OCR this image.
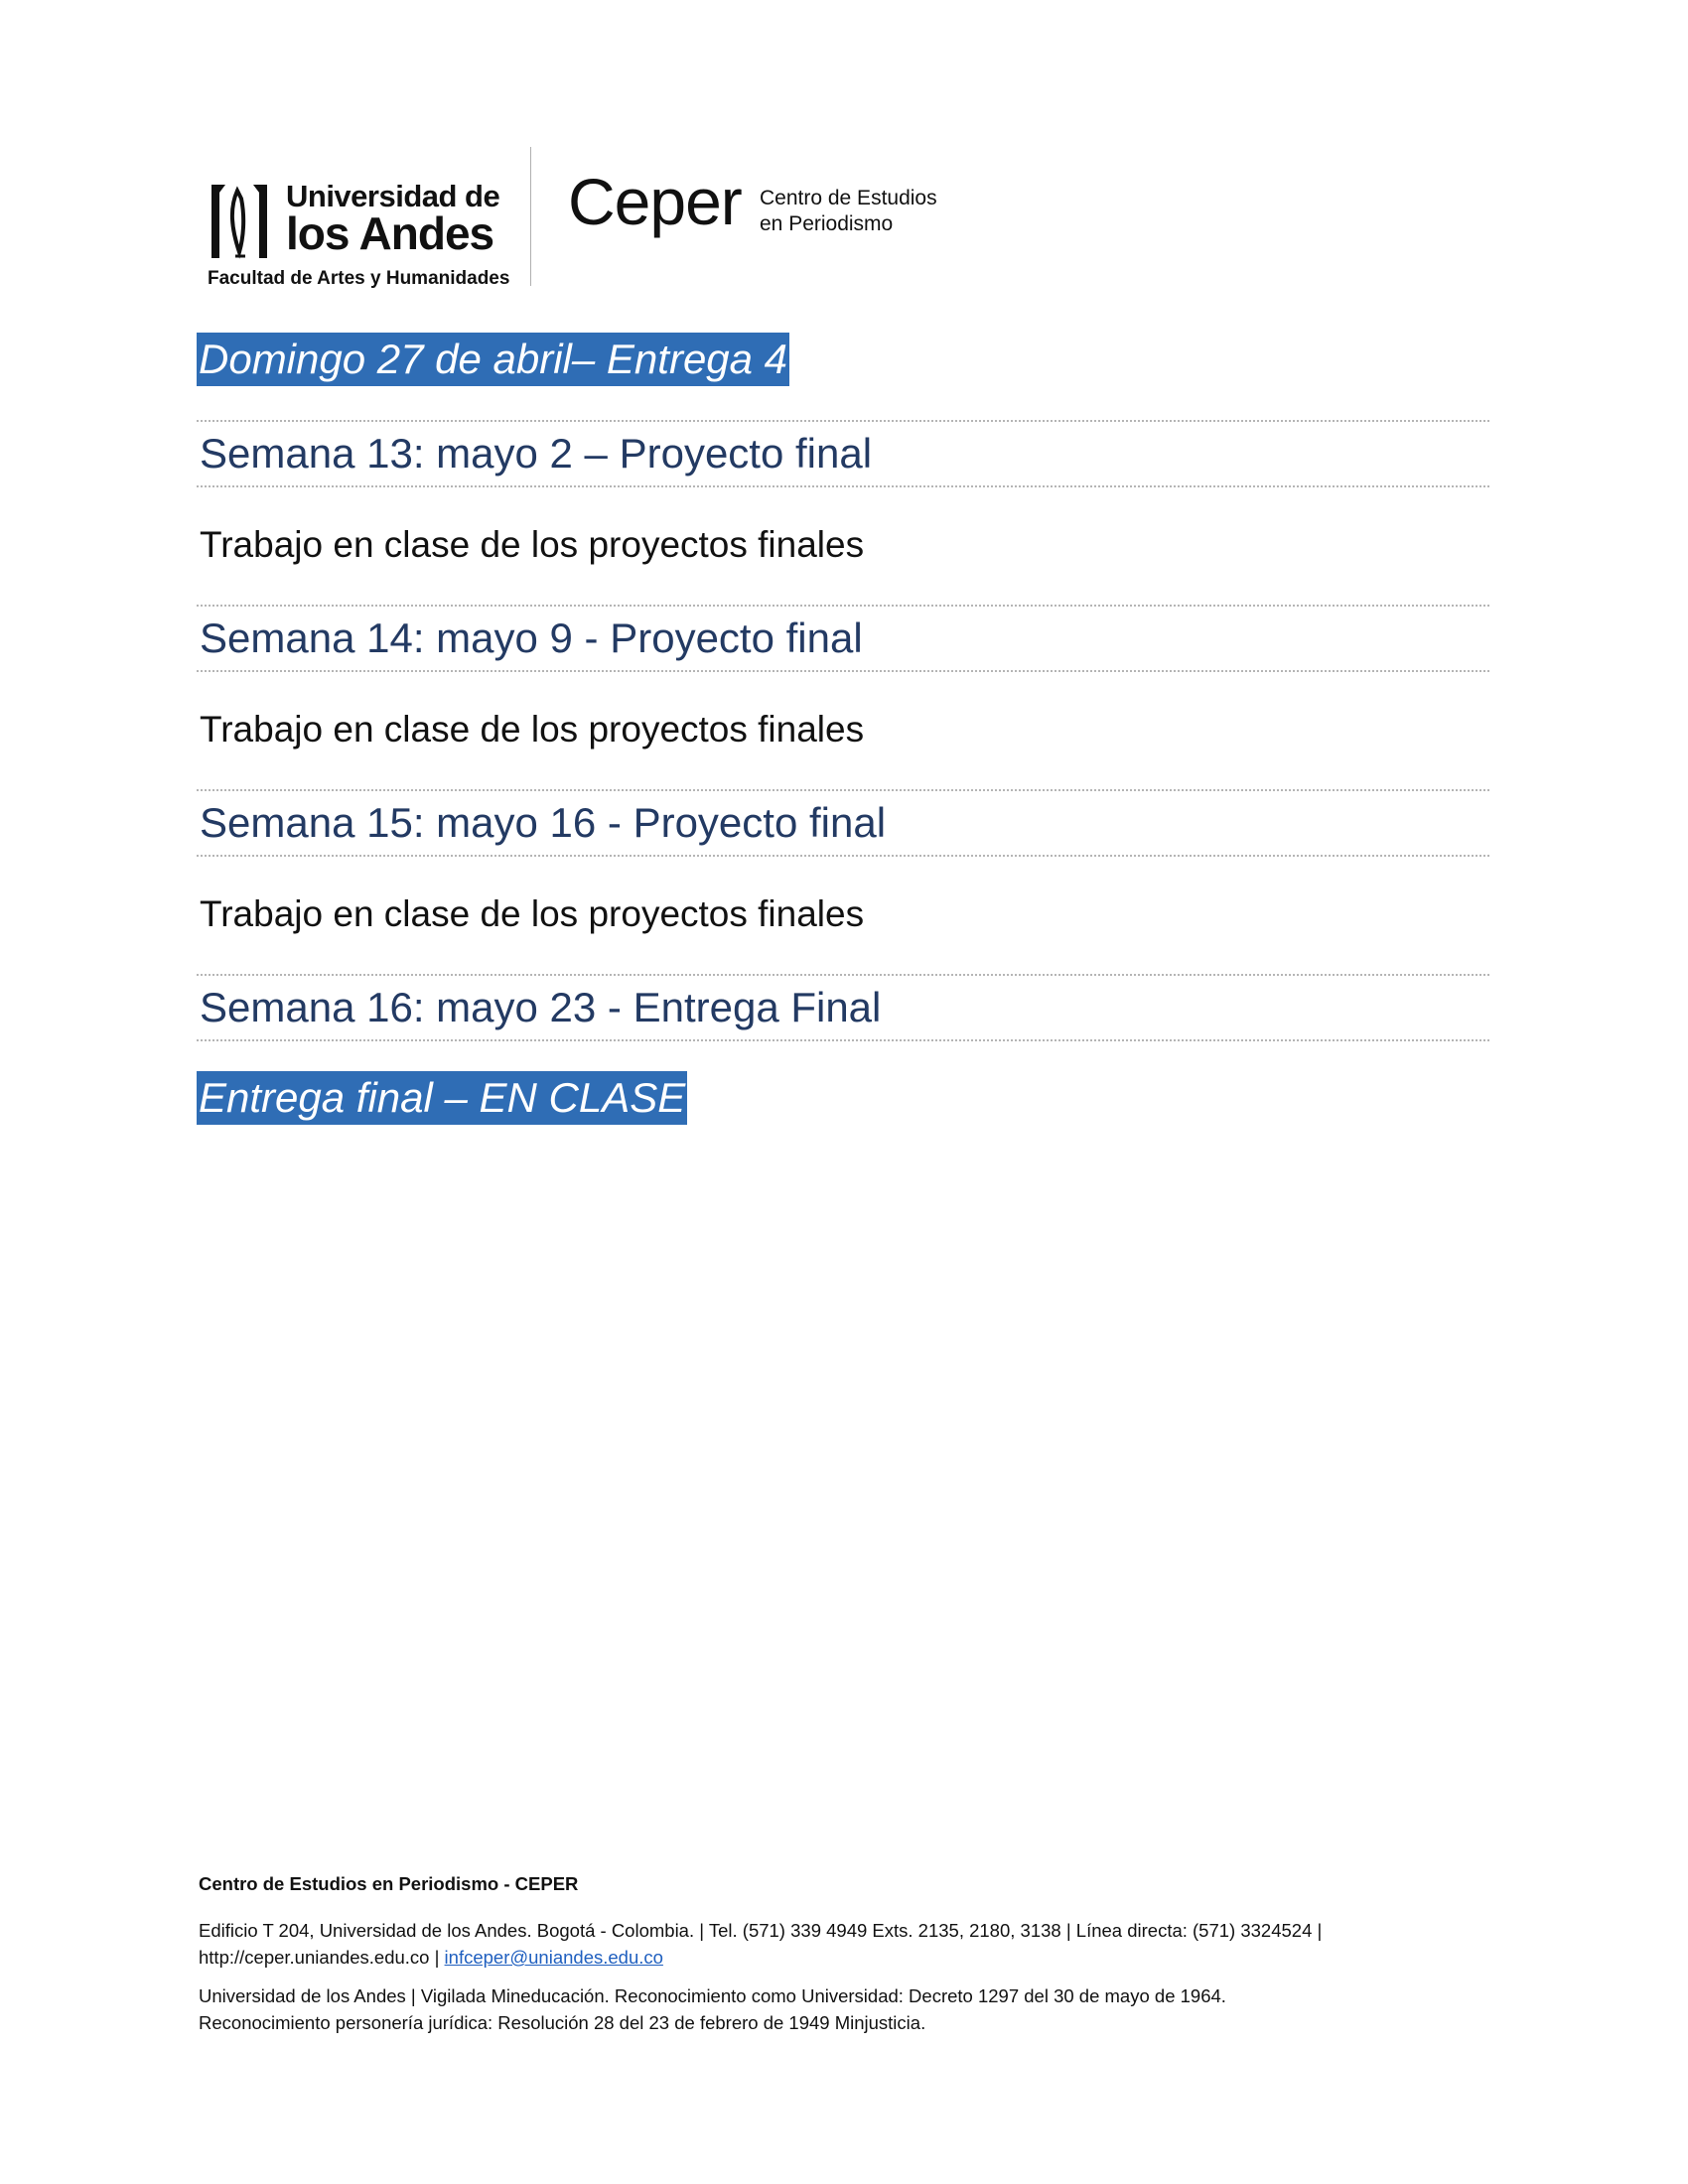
Universidad de
los Andes
Facultad de Artes y Humanidades
Ceper Centro de Estudios
en Periodismo
Domingo 27 de abril– Entrega 4
Semana 13: mayo 2 – Proyecto final
Trabajo en clase de los proyectos finales
Semana 14: mayo 9 - Proyecto final
Trabajo en clase de los proyectos finales
Semana 15: mayo 16 - Proyecto final
Trabajo en clase de los proyectos finales
Semana 16: mayo 23 - Entrega Final
Entrega final – EN CLASE
Centro de Estudios en Periodismo - CEPER
Edificio T 204, Universidad de los Andes. Bogotá - Colombia. | Tel. (571) 339 4949 Exts. 2135, 2180, 3138 | Línea directa: (571) 3324524 |
http://ceper.uniandes.edu.co | infceper@uniandes.edu.co
Universidad de los Andes | Vigilada Mineducación. Reconocimiento como Universidad: Decreto 1297 del 30 de mayo de 1964.
Reconocimiento personería jurídica: Resolución 28 del 23 de febrero de 1949 Minjusticia.
